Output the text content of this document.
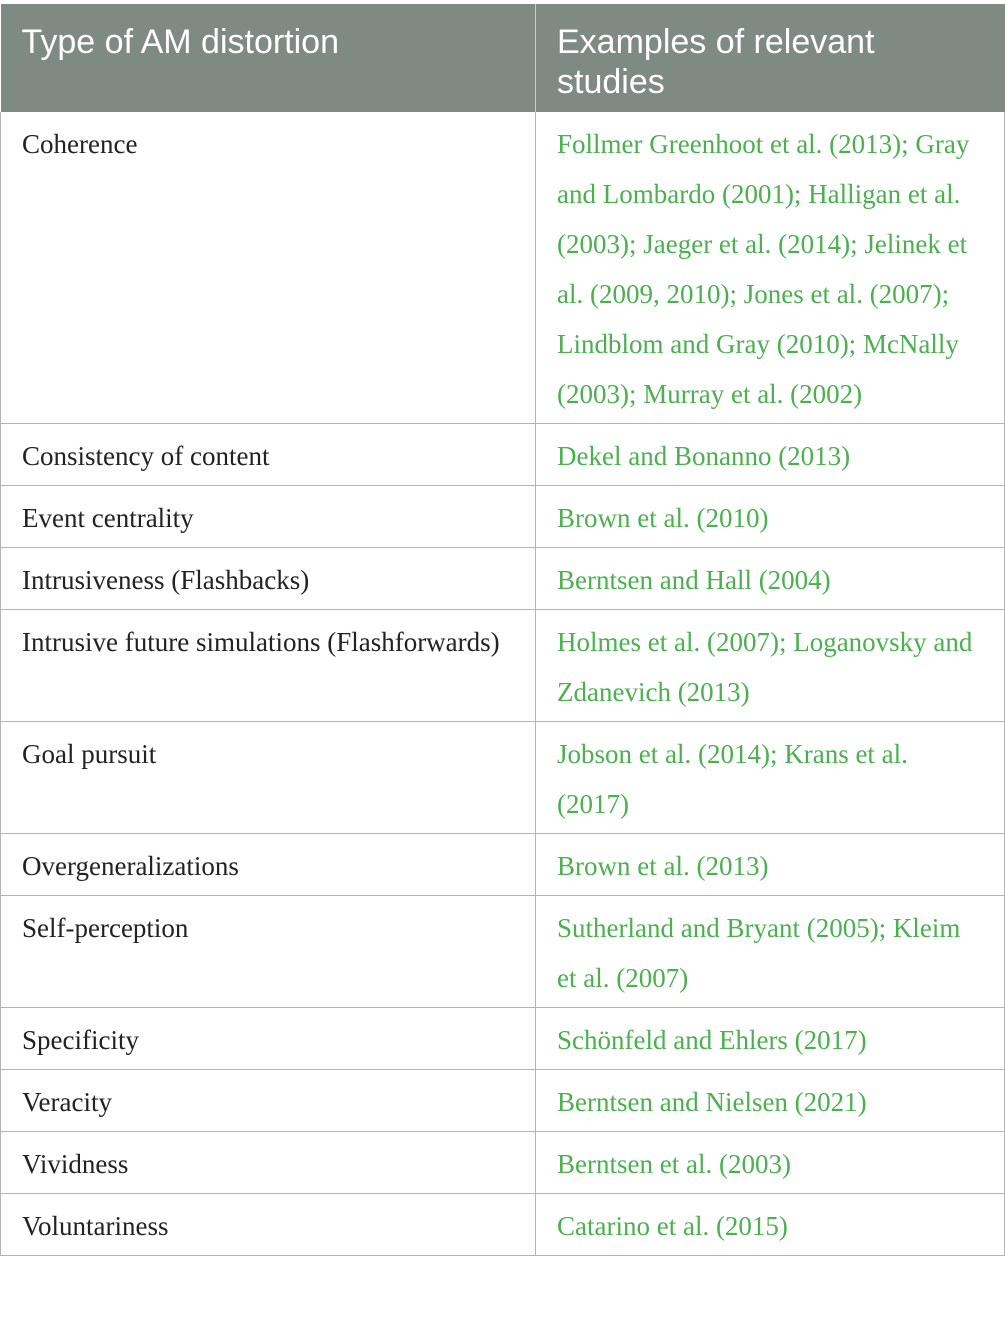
Type of AM distortion	Examples of relevant studies
Coherence	Follmer Greenhoot et al. (2013); Gray and Lombardo (2001); Halligan et al. (2003); Jaeger et al. (2014); Jelinek et al. (2009, 2010); Jones et al. (2007); Lindblom and Gray (2010); McNally (2003); Murray et al. (2002)
Consistency of content	Dekel and Bonanno (2013)
Event centrality	Brown et al. (2010)
Intrusiveness (Flashbacks)	Berntsen and Hall (2004)
Intrusive future simulations (Flashforwards)	Holmes et al. (2007); Loganovsky and Zdanevich (2013)
Goal pursuit	Jobson et al. (2014); Krans et al. (2017)
Overgeneralizations	Brown et al. (2013)
Self-perception	Sutherland and Bryant (2005); Kleim et al. (2007)
Specificity	Schönfeld and Ehlers (2017)
Veracity	Berntsen and Nielsen (2021)
Vividness	Berntsen et al. (2003)
Voluntariness	Catarino et al. (2015)
